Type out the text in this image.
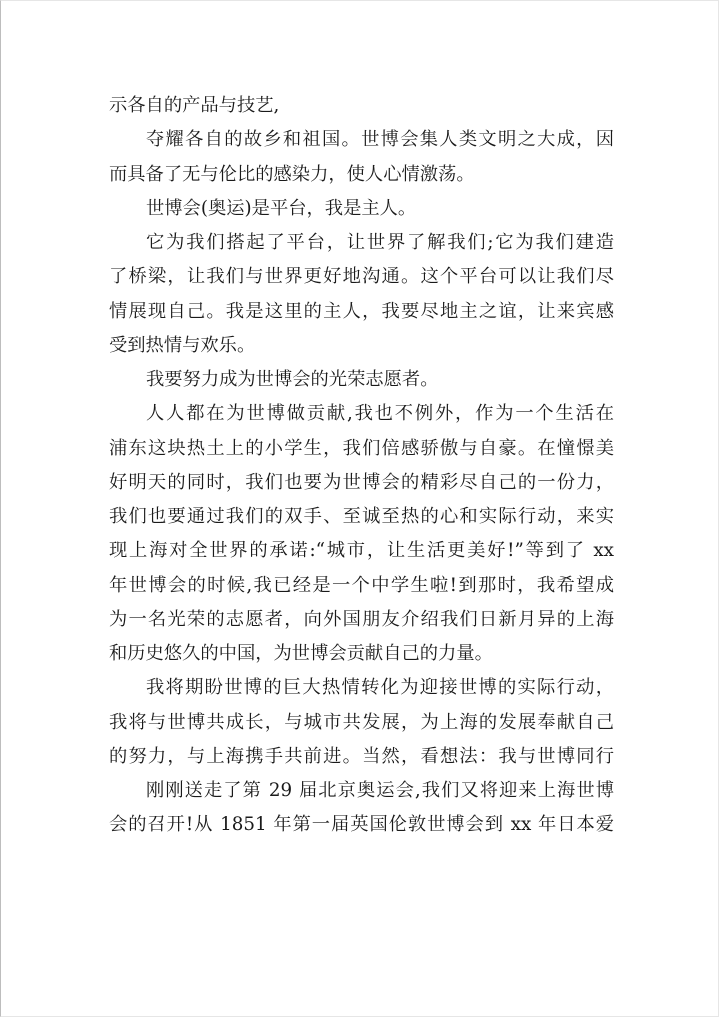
示各自的产品与技艺,
夺耀各自的故乡和祖国。世博会集人类文明之大成，因
而具备了无与伦比的感染力，使人心情激荡。
世博会(奥运)是平台，我是主人。
它为我们搭起了平台，让世界了解我们;它为我们建造
了桥梁，让我们与世界更好地沟通。这个平台可以让我们尽
情展现自己。我是这里的主人，我要尽地主之谊，让来宾感
受到热情与欢乐。
我要努力成为世博会的光荣志愿者。
人人都在为世博做贡献,我也不例外，作为一个生活在
浦东这块热土上的小学生，我们倍感骄傲与自豪。在憧憬美
好明天的同时，我们也要为世博会的精彩尽自己的一份力，
我们也要通过我们的双手、至诚至热的心和实际行动，来实
现上海对全世界的承诺:“城市，让生活更美好!”等到了 xx
年世博会的时候,我已经是一个中学生啦!到那时，我希望成
为一名光荣的志愿者，向外国朋友介绍我们日新月异的上海
和历史悠久的中国，为世博会贡献自己的力量。
我将期盼世博的巨大热情转化为迎接世博的实际行动，
我将与世博共成长，与城市共发展，为上海的发展奉献自己
的努力，与上海携手共前进。当然，看想法：我与世博同行
刚刚送走了第 29 届北京奥运会,我们又将迎来上海世博
会的召开!从 1851 年第一届英国伦敦世博会到 xx 年日本爱
